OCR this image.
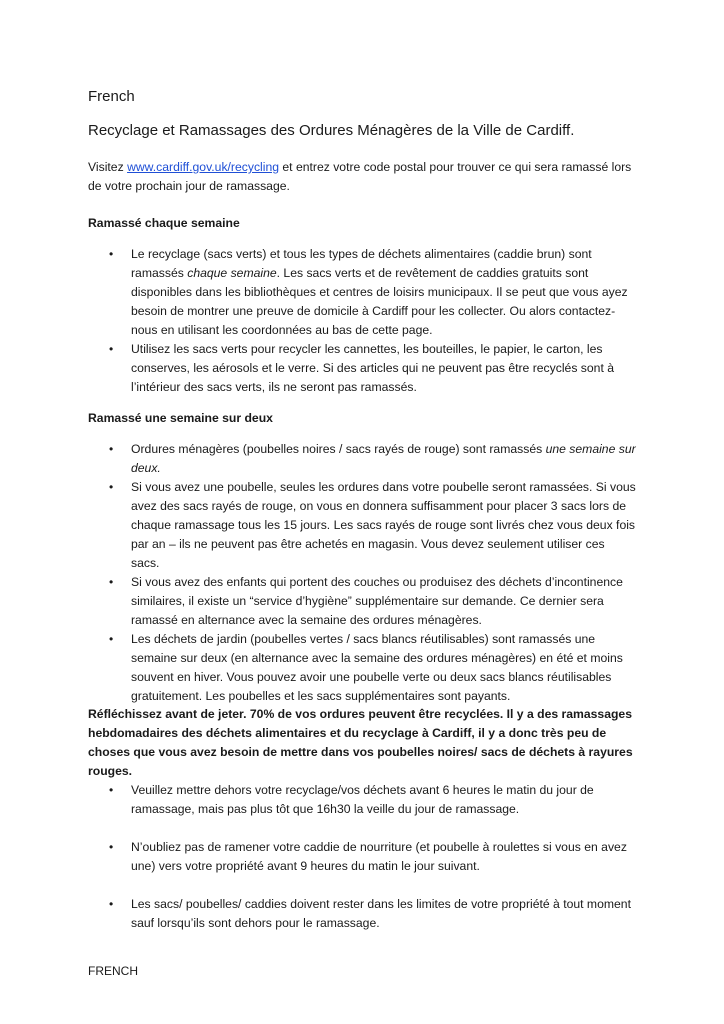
French
Recyclage et Ramassages des Ordures Ménagères de la Ville de Cardiff.
Visitez www.cardiff.gov.uk/recycling et entrez votre code postal pour trouver ce qui sera ramassé lors de votre prochain jour de ramassage.
Ramassé chaque semaine
• Le recyclage (sacs verts) et tous les types de déchets alimentaires (caddie brun) sont ramassés chaque semaine. Les sacs verts et de revêtement de caddies gratuits sont disponibles dans les bibliothèques et centres de loisirs municipaux. Il se peut que vous ayez besoin de montrer une preuve de domicile à Cardiff pour les collecter. Ou alors contactez-nous en utilisant les coordonnées au bas de cette page.
• Utilisez les sacs verts pour recycler les cannettes, les bouteilles, le papier, le carton, les conserves, les aérosols et le verre. Si des articles qui ne peuvent pas être recyclés sont à l’intérieur des sacs verts, ils ne seront pas ramassés.
Ramassé une semaine sur deux
• Ordures ménagères (poubelles noires / sacs rayés de rouge) sont ramassés une semaine sur deux.
• Si vous avez une poubelle, seules les ordures dans votre poubelle seront ramassées. Si vous avez des sacs rayés de rouge, on vous en donnera suffisamment pour placer 3 sacs lors de chaque ramassage tous les 15 jours. Les sacs rayés de rouge sont livrés chez vous deux fois par an – ils ne peuvent pas être achetés en magasin. Vous devez seulement utiliser ces sacs.
• Si vous avez des enfants qui portent des couches ou produisez des déchets d’incontinence similaires, il existe un “service d’hygiène” supplémentaire sur demande. Ce dernier sera ramassé en alternance avec la semaine des ordures ménagères.
• Les déchets de jardin (poubelles vertes / sacs blancs réutilisables) sont ramassés une semaine sur deux (en alternance avec la semaine des ordures ménagères) en été et moins souvent en hiver. Vous pouvez avoir une poubelle verte ou deux sacs blancs réutilisables gratuitement. Les poubelles et les sacs supplémentaires sont payants.
Réfléchissez avant de jeter. 70% de vos ordures peuvent être recyclées. Il y a des ramassages hebdomadaires des déchets alimentaires et du recyclage à Cardiff, il y a donc très peu de choses que vous avez besoin de mettre dans vos poubelles noires/ sacs de déchets à rayures rouges.
• Veuillez mettre dehors votre recyclage/vos déchets avant 6 heures le matin du jour de ramassage, mais pas plus tôt que 16h30 la veille du jour de ramassage.
• N’oubliez pas de ramener votre caddie de nourriture (et poubelle à roulettes si vous en avez une) vers votre propriété avant 9 heures du matin le jour suivant.
• Les sacs/ poubelles/ caddies doivent rester dans les limites de votre propriété à tout moment sauf lorsqu’ils sont dehors pour le ramassage.
FRENCH
